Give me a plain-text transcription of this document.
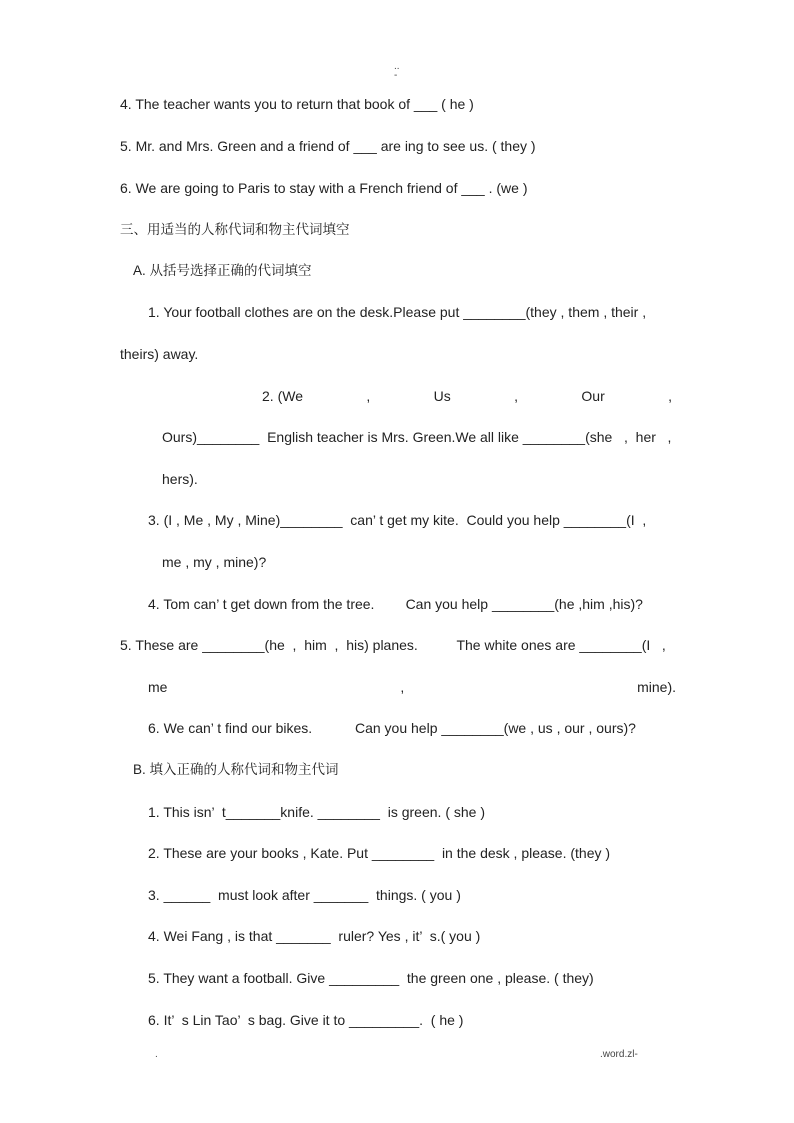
..
-
4. The teacher wants you to return that book of ___ ( he )
5. Mr. and Mrs. Green and a friend of ___ are ing to see us. ( they )
6. We are going to Paris to stay with a French friend of ___ . (we )
三、用适当的人称代词和物主代词填空
A. 从括号选择正确的代词填空
1. Your football clothes are on the desk.Please put ________(they , them , their ,
theirs) away.
2. (We	,	Us	,	Our	,
Ours)________  English teacher is Mrs. Green.We all like ________(she   ,  her   ,
hers).
3. (I , Me , My , Mine)________  can’ t get my kite.  Could you help ________(I  ,
me , my , mine)?
4. Tom can’ t get down from the tree.        Can you help ________(he ,him ,his)?
5. These are ________(he  ,  him  ,  his) planes.          The white ones are ________(I   ,
me	,	mine).
6. We can’ t find our bikes.           Can you help ________(we , us , our , ours)?
B. 填入正确的人称代词和物主代词
1. This isn’  t_______knife. ________  is green. ( she )
2. These are your books , Kate. Put ________  in the desk , please. (they )
3. ______  must look after _______  things. ( you )
4. Wei Fang , is that _______  ruler? Yes , it’  s.( you )
5. They want a football. Give _________  the green one , please. ( they)
6. It’  s Lin Tao’  s bag. Give it to _________.  ( he )
.	.word.zl-
